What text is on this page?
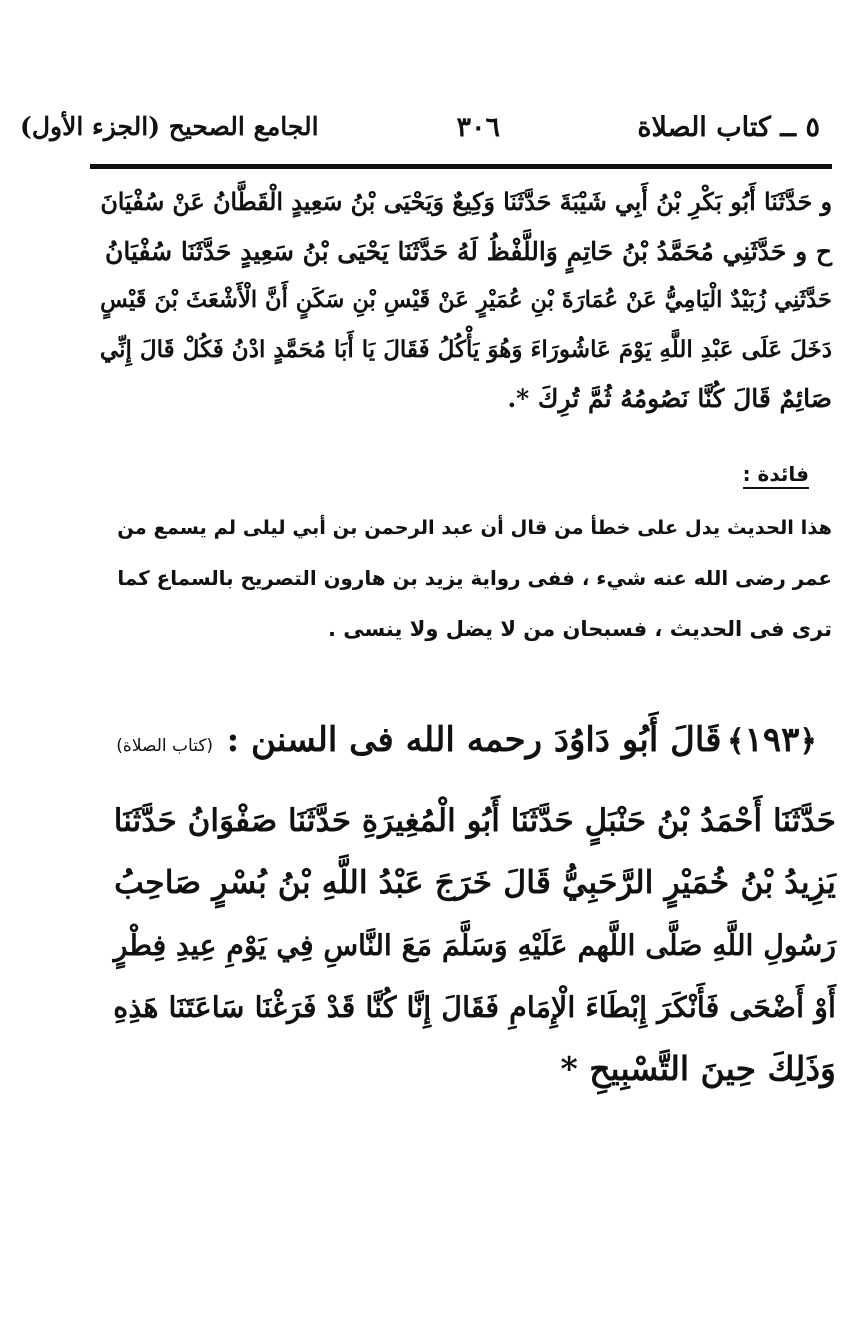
٥ ــ كتاب الصلاة
٣٠٦
الجامع الصحيح (الجزء الأول)
و حَدَّثَنَا أَبُو بَكْرِ بْنُ أَبِي شَيْبَةَ حَدَّثَنَا وَكِيعٌ وَيَحْيَى بْنُ سَعِيدٍ الْقَطَّانُ عَنْ سُفْيَانَ
ح و حَدَّثَنِي مُحَمَّدُ بْنُ حَاتِمٍ وَاللَّفْظُ لَهُ حَدَّثَنَا يَحْيَى بْنُ سَعِيدٍ حَدَّثَنَا سُفْيَانُ
حَدَّثَنِي زُبَيْدٌ الْيَامِيُّ عَنْ عُمَارَةَ بْنِ عُمَيْرٍ عَنْ قَيْسِ بْنِ سَكَنٍ أَنَّ الْأَشْعَثَ بْنَ قَيْسٍ
دَخَلَ عَلَى عَبْدِ اللَّهِ يَوْمَ عَاشُورَاءَ وَهُوَ يَأْكُلُ فَقَالَ يَا أَبَا مُحَمَّدٍ ادْنُ فَكُلْ قَالَ إِنِّي
صَائِمٌ قَالَ كُنَّا نَصُومُهُ ثُمَّ تُرِكَ *.
فائدة :
هذا الحديث يدل على خطأ من قال أن عبد الرحمن بن أبي ليلى لم يسمع من
عمر رضى الله عنه شيء ، ففى رواية يزيد بن هارون التصريح بالسماع كما
ترى فى الحديث ، فسبحان من لا يضل ولا ينسى .
﴿١٩٣﴾ قَالَ أَبُو دَاوُدَ رحمه الله فى السنن : (كتاب الصلاة)
حَدَّثَنَا أَحْمَدُ بْنُ حَنْبَلٍ حَدَّثَنَا أَبُو الْمُغِيرَةِ حَدَّثَنَا صَفْوَانُ حَدَّثَنَا
يَزِيدُ بْنُ خُمَيْرٍ الرَّحَبِيُّ قَالَ خَرَجَ عَبْدُ اللَّهِ بْنُ بُسْرٍ صَاحِبُ
رَسُولِ اللَّهِ صَلَّى اللَّهم عَلَيْهِ وَسَلَّمَ مَعَ النَّاسِ فِي يَوْمِ عِيدِ فِطْرٍ
أَوْ أَضْحَى فَأَنْكَرَ إِبْطَاءَ الْإِمَامِ فَقَالَ إِنَّا كُنَّا قَدْ فَرَغْنَا سَاعَتَنَا هَذِهِ
وَذَلِكَ حِينَ التَّسْبِيحِ *
